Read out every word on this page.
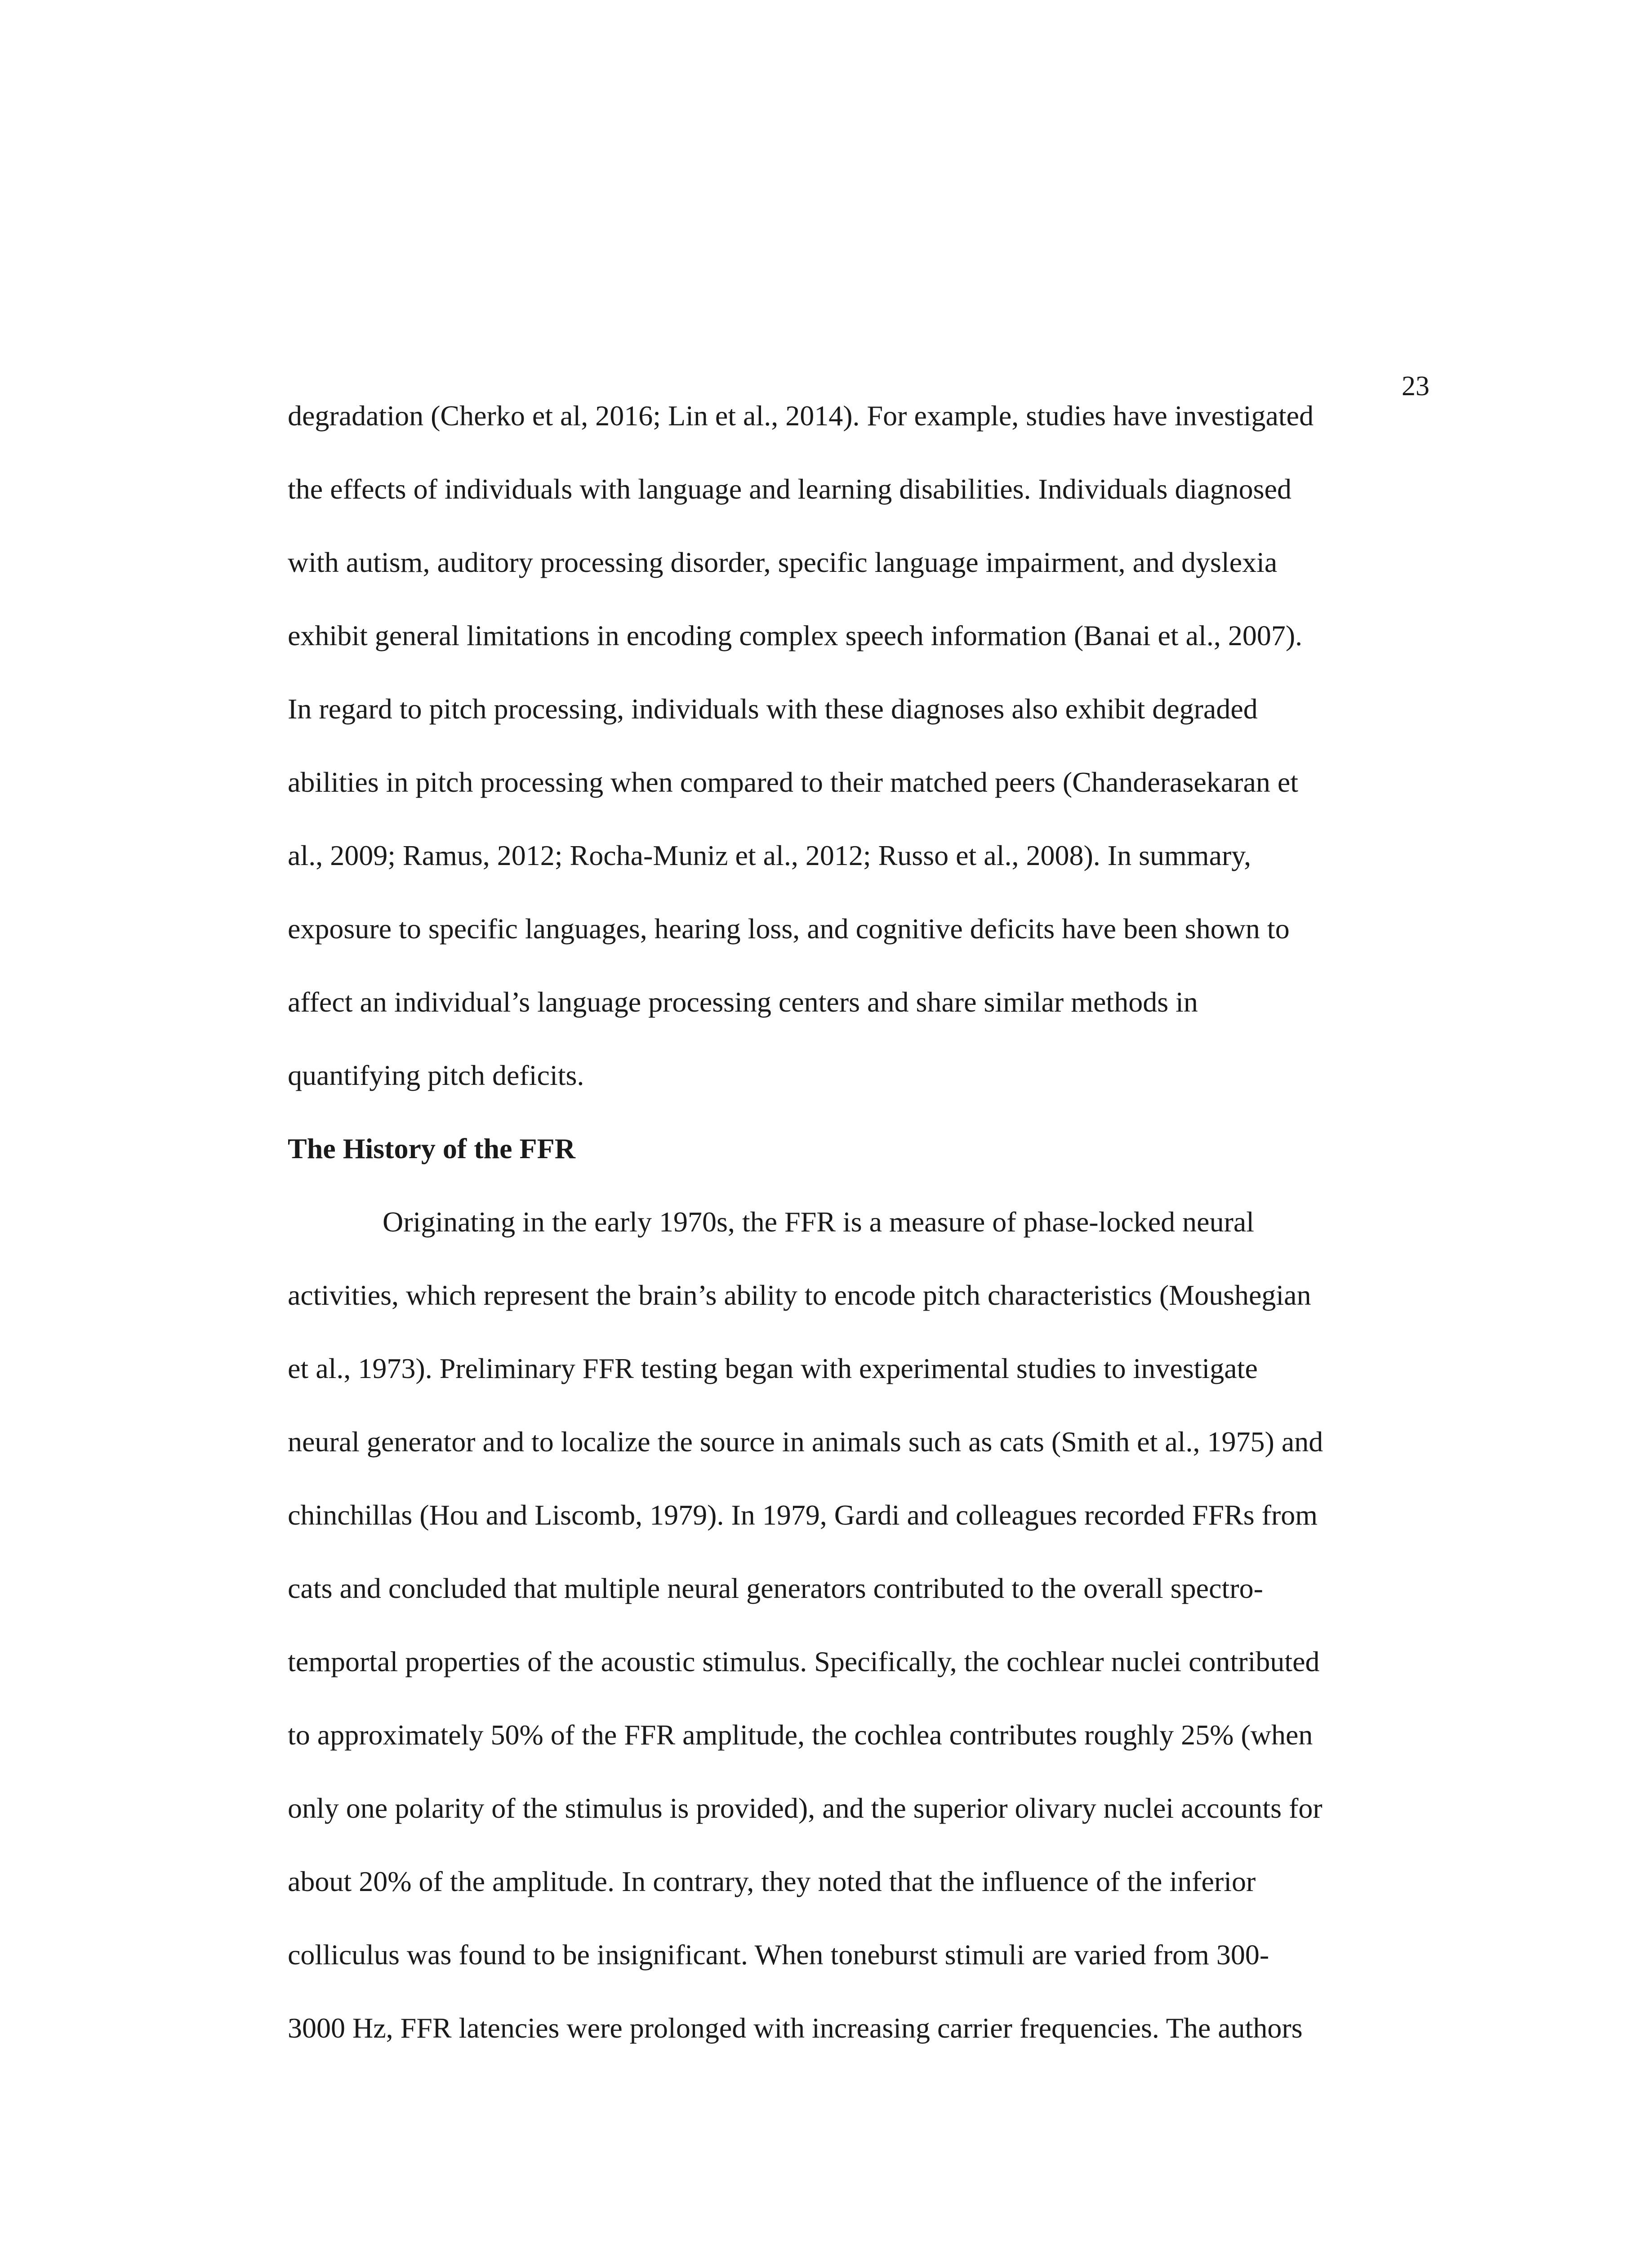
23
degradation (Cherko et al, 2016; Lin et al., 2014). For example, studies have investigated
the effects of individuals with language and learning disabilities. Individuals diagnosed
with autism, auditory processing disorder, specific language impairment, and dyslexia
exhibit general limitations in encoding complex speech information (Banai et al., 2007).
In regard to pitch processing, individuals with these diagnoses also exhibit degraded
abilities in pitch processing when compared to their matched peers (Chanderasekaran et
al., 2009; Ramus, 2012; Rocha-Muniz et al., 2012; Russo et al., 2008). In summary,
exposure to specific languages, hearing loss, and cognitive deficits have been shown to
affect an individual’s language processing centers and share similar methods in
quantifying pitch deficits.
The History of the FFR
Originating in the early 1970s, the FFR is a measure of phase-locked neural
activities, which represent the brain’s ability to encode pitch characteristics (Moushegian
et al., 1973). Preliminary FFR testing began with experimental studies to investigate
neural generator and to localize the source in animals such as cats (Smith et al., 1975) and
chinchillas (Hou and Liscomb, 1979). In 1979, Gardi and colleagues recorded FFRs from
cats and concluded that multiple neural generators contributed to the overall spectro-
temportal properties of the acoustic stimulus. Specifically, the cochlear nuclei contributed
to approximately 50% of the FFR amplitude, the cochlea contributes roughly 25% (when
only one polarity of the stimulus is provided), and the superior olivary nuclei accounts for
about 20% of the amplitude. In contrary, they noted that the influence of the inferior
colliculus was found to be insignificant. When toneburst stimuli are varied from 300-
3000 Hz, FFR latencies were prolonged with increasing carrier frequencies. The authors
